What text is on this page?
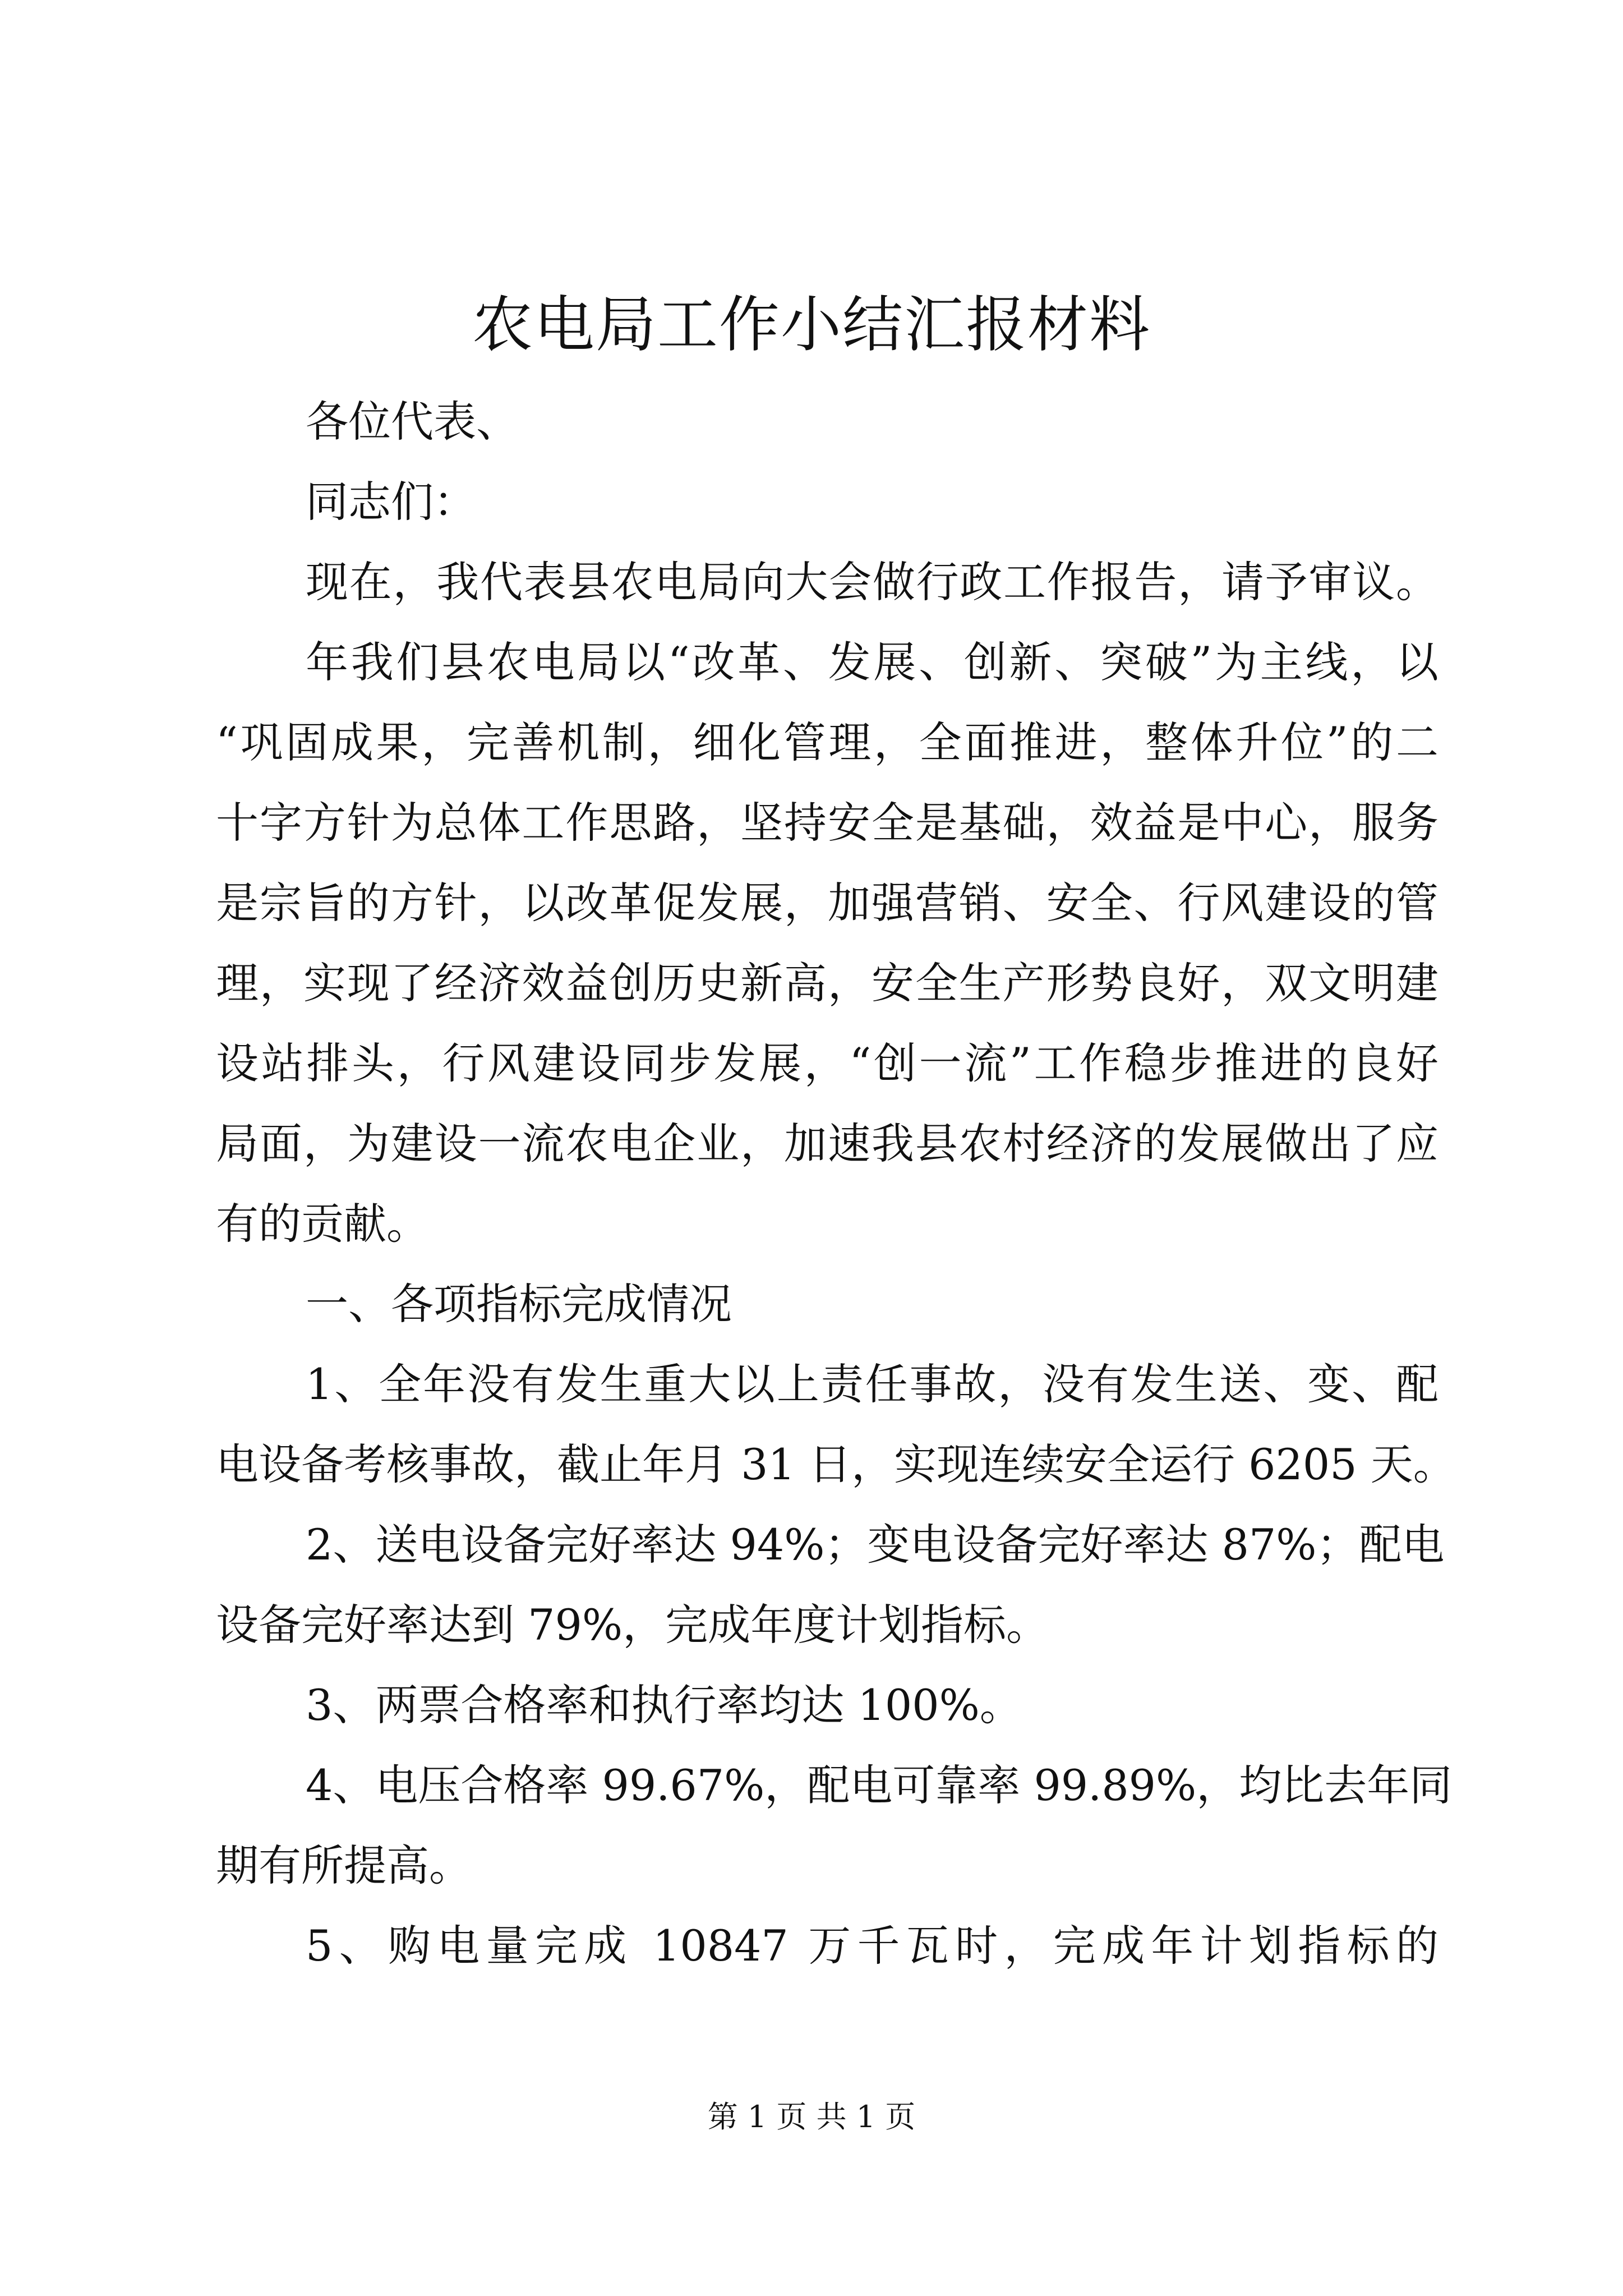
农电局工作小结汇报材料
各位代表、
同志们：
现在，我代表县农电局向大会做行政工作报告，请予审议。
年我们县农电局以“改革、发展、创新、突破”为主线，以
“巩固成果，完善机制，细化管理，全面推进，整体升位”的二
十字方针为总体工作思路，坚持安全是基础，效益是中心，服务
是宗旨的方针，以改革促发展，加强营销、安全、行风建设的管
理，实现了经济效益创历史新高，安全生产形势良好，双文明建
设站排头，行风建设同步发展，“创一流”工作稳步推进的良好
局面，为建设一流农电企业，加速我县农村经济的发展做出了应
有的贡献。
一、各项指标完成情况
1、全年没有发生重大以上责任事故，没有发生送、变、配
电设备考核事故，截止年月 31 日，实现连续安全运行 6205 天。
2、送电设备完好率达 94%；变电设备完好率达 87%；配电
设备完好率达到 79%，完成年度计划指标。
3、两票合格率和执行率均达 100%。
4、电压合格率 99.67%，配电可靠率 99.89%，均比去年同
期有所提高。
5、购电量完成 10847 万千瓦时，完成年计划指标的
第 1 页 共 1 页
